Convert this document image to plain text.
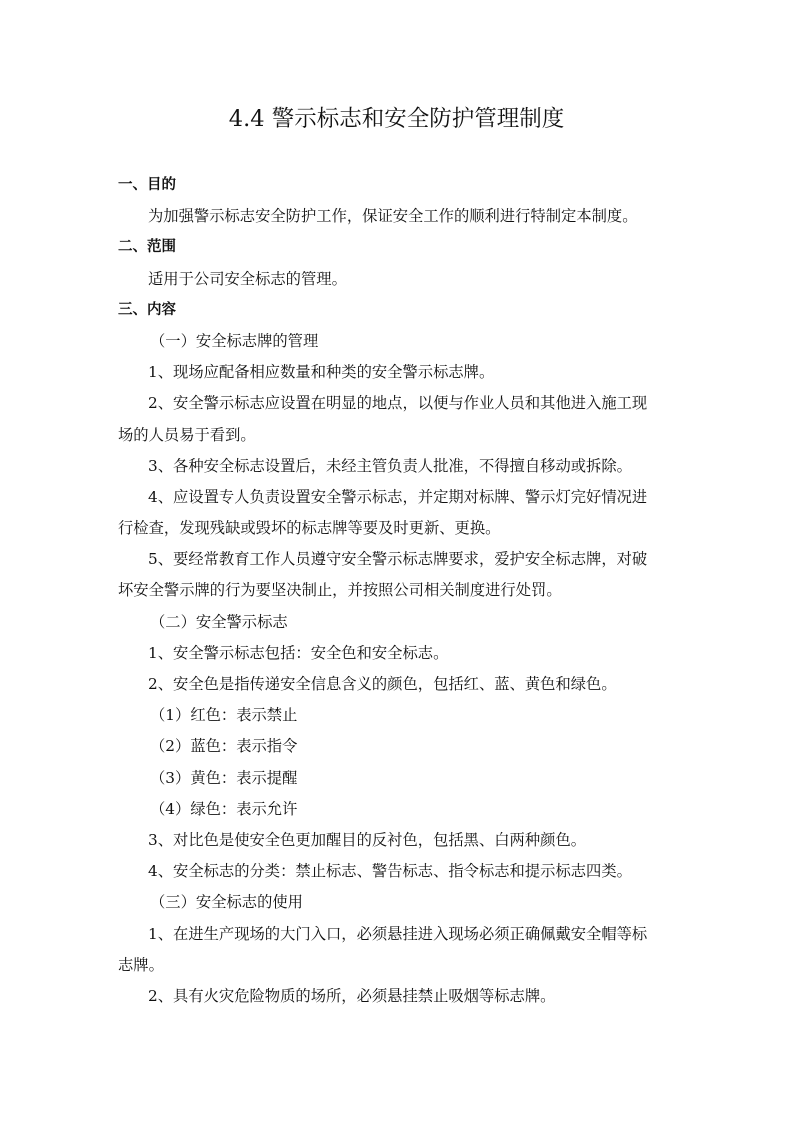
4.4 警示标志和安全防护管理制度
一、目的
为加强警示标志安全防护工作，保证安全工作的顺利进行特制定本制度。
二、范围
适用于公司安全标志的管理。
三、内容
（一）安全标志牌的管理
1、现场应配备相应数量和种类的安全警示标志牌。
2、安全警示标志应设置在明显的地点，以便与作业人员和其他进入施工现
场的人员易于看到。
3、各种安全标志设置后，未经主管负责人批准，不得擅自移动或拆除。
4、应设置专人负责设置安全警示标志，并定期对标牌、警示灯完好情况进
行检查，发现残缺或毁坏的标志牌等要及时更新、更换。
5、要经常教育工作人员遵守安全警示标志牌要求，爱护安全标志牌，对破
坏安全警示牌的行为要坚决制止，并按照公司相关制度进行处罚。
（二）安全警示标志
1、安全警示标志包括：安全色和安全标志。
2、安全色是指传递安全信息含义的颜色，包括红、蓝、黄色和绿色。
（1）红色：表示禁止
（2）蓝色：表示指令
（3）黄色：表示提醒
（4）绿色：表示允许
3、对比色是使安全色更加醒目的反衬色，包括黑、白两种颜色。
4、安全标志的分类：禁止标志、警告标志、指令标志和提示标志四类。
（三）安全标志的使用
1、在进生产现场的大门入口，必须悬挂进入现场必须正确佩戴安全帽等标
志牌。
2、具有火灾危险物质的场所，必须悬挂禁止吸烟等标志牌。
